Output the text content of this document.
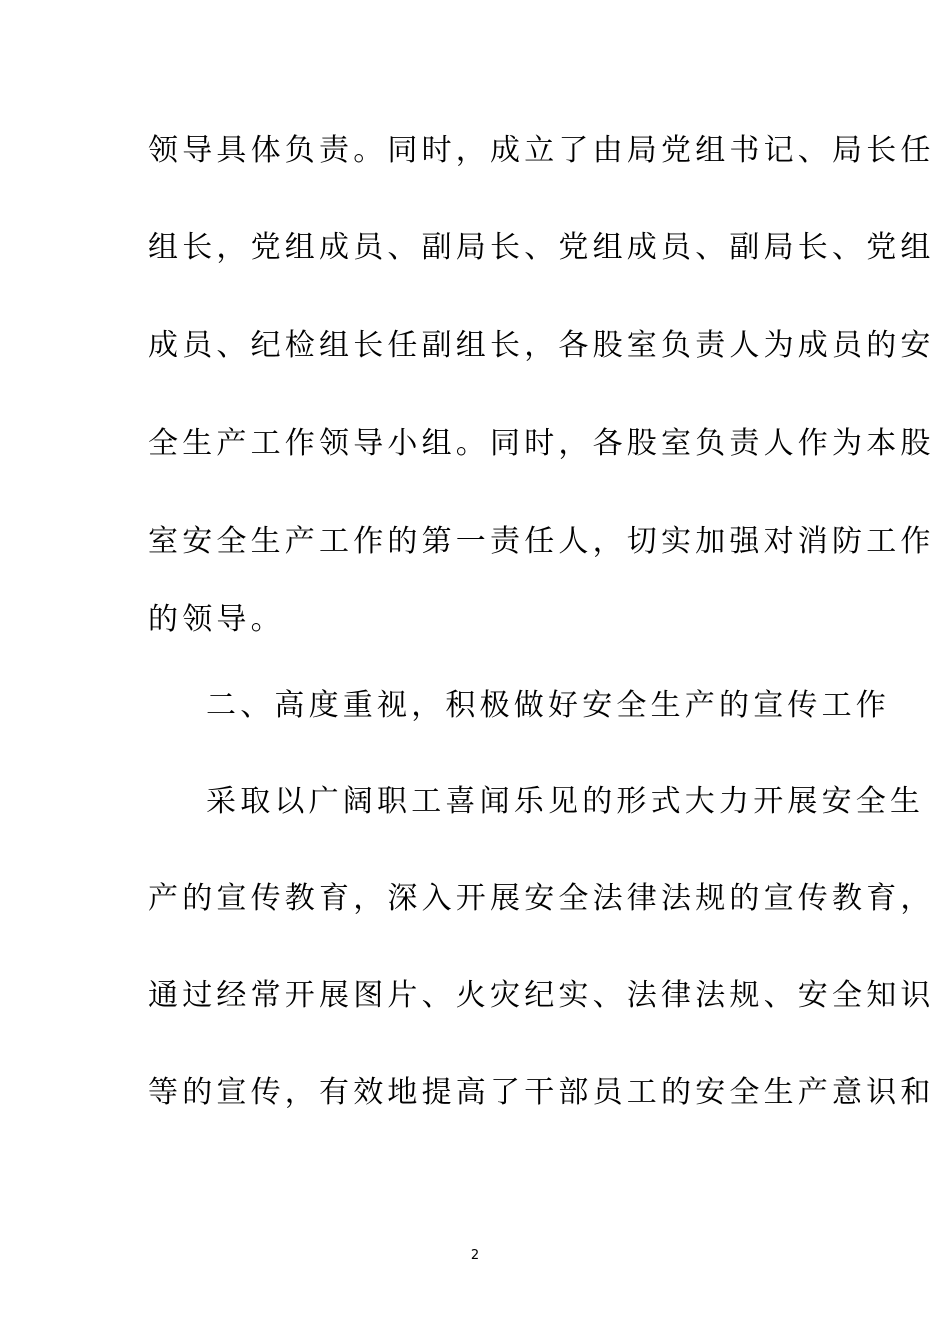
领导具体负责。同时，成立了由局党组书记、局长任
组长，党组成员、副局长、党组成员、副局长、党组
成员、纪检组长任副组长，各股室负责人为成员的安
全生产工作领导小组。同时，各股室负责人作为本股
室安全生产工作的第一责任人，切实加强对消防工作
的领导。
二、高度重视，积极做好安全生产的宣传工作
采取以广阔职工喜闻乐见的形式大力开展安全生
产的宣传教育，深入开展安全法律法规的宣传教育，
通过经常开展图片、火灾纪实、法律法规、安全知识
等的宣传，有效地提高了干部员工的安全生产意识和
2
